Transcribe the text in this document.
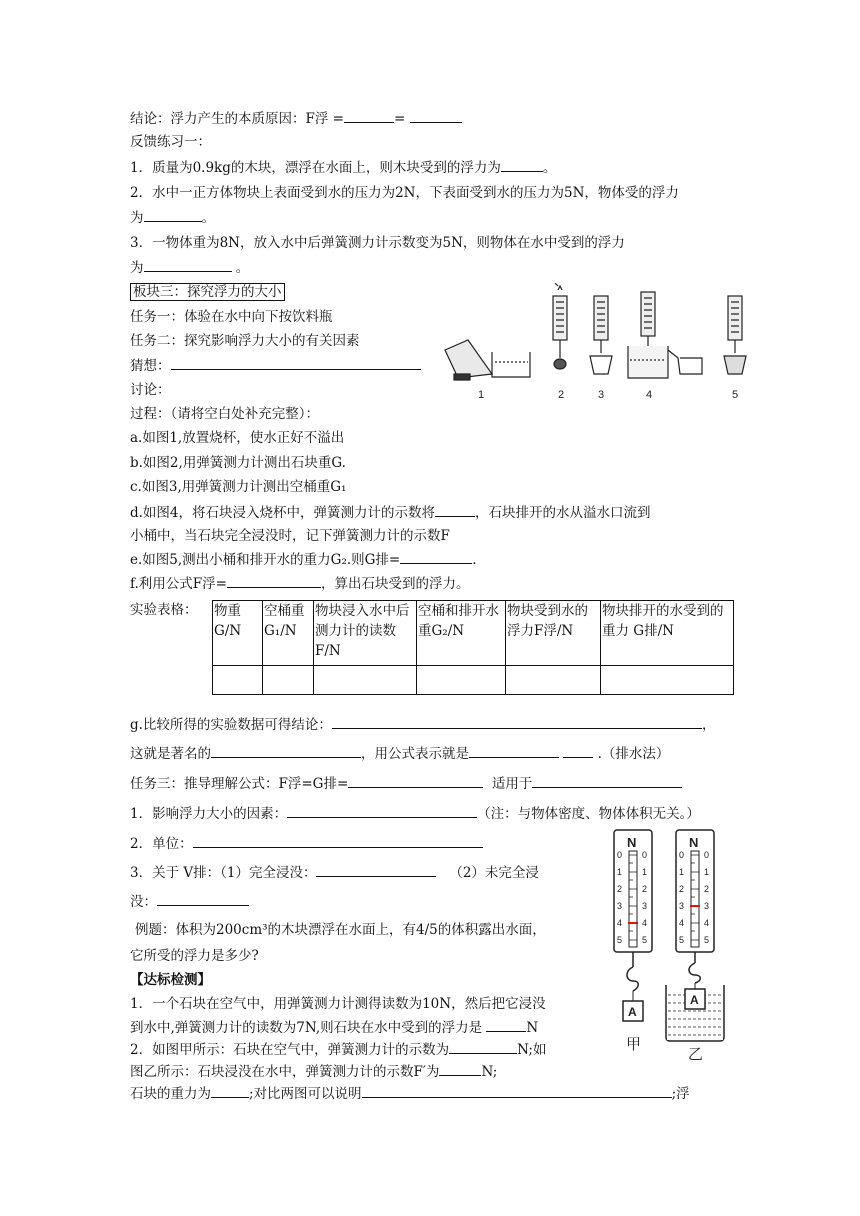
结论：浮力产生的本质原因：F浮 =	=
反馈练习一：
1．质量为0.9kg的木块，漂浮在水面上，则木块受到的浮力为	。
2．水中一正方体物块上表面受到水的压力为2N，下表面受到水的压力为5N，物体受的浮力
为	。
3．一物体重为8N，放入水中后弹簧测力计示数变为5N，则物体在水中受到的浮力
为	。
板块三：探究浮力的大小
任务一：体验在水中向下按饮料瓶
任务二：探究影响浮力大小的有关因素
猜想：
讨论：
过程：（请将空白处补充完整）：
a.如图1,放置烧杯，使水正好不溢出
b.如图2,用弹簧测力计测出石块重G.
c.如图3,用弹簧测力计测出空桶重G₁
d.如图4，将石块浸入烧杯中，弹簧测力计的示数将	，石块排开的水从溢水口流到
小桶中，当石块完全浸没时，记下弹簧测力计的示数F
e.如图5,测出小桶和排开水的重力G₂.则G排=	.
f.利用公式F浮=	，算出石块受到的浮力。
实验表格： 物重G/N	空桶重G₁/N	物块浸入水中后测力计的读数F/N	空桶和排开水重G₂/N	物块受到水的浮力F浮/N	物块排开的水受到的重力 G排/N

g.比较所得的实验数据可得结论：	，
这就是著名的	，用公式表示就是	.（排水法）
任务三：推导理解公式：F浮=G排=	适用于
1．影响浮力大小的因素：	（注：与物体密度、物体体积无关。）
2．单位：
3．关于 V排：（1）完全浸没：	（2）未完全浸
没：
例题：体积为200cm³的木块漂浮在水面上，有4/5的体积露出水面，
它所受的浮力是多少?
【达标检测】
1．一个石块在空气中，用弹簧测力计测得读数为10N，然后把它浸没
到水中,弹簧测力计的读数为7N,则石块在水中受到的浮力是	N
2．如图甲所示：石块在空气中，弹簧测力计的示数为	N;如
图乙所示：石块浸没在水中，弹簧测力计的示数F′为	N;
石块的重力为	;对比两图可以说明	;浮
1	2	3	4	5
N
0 0
1 1
2 2
3 3
4 4
5 5
A
N
0 0
1 1
2 2
3 3
4 4
5 5
A
甲
乙
